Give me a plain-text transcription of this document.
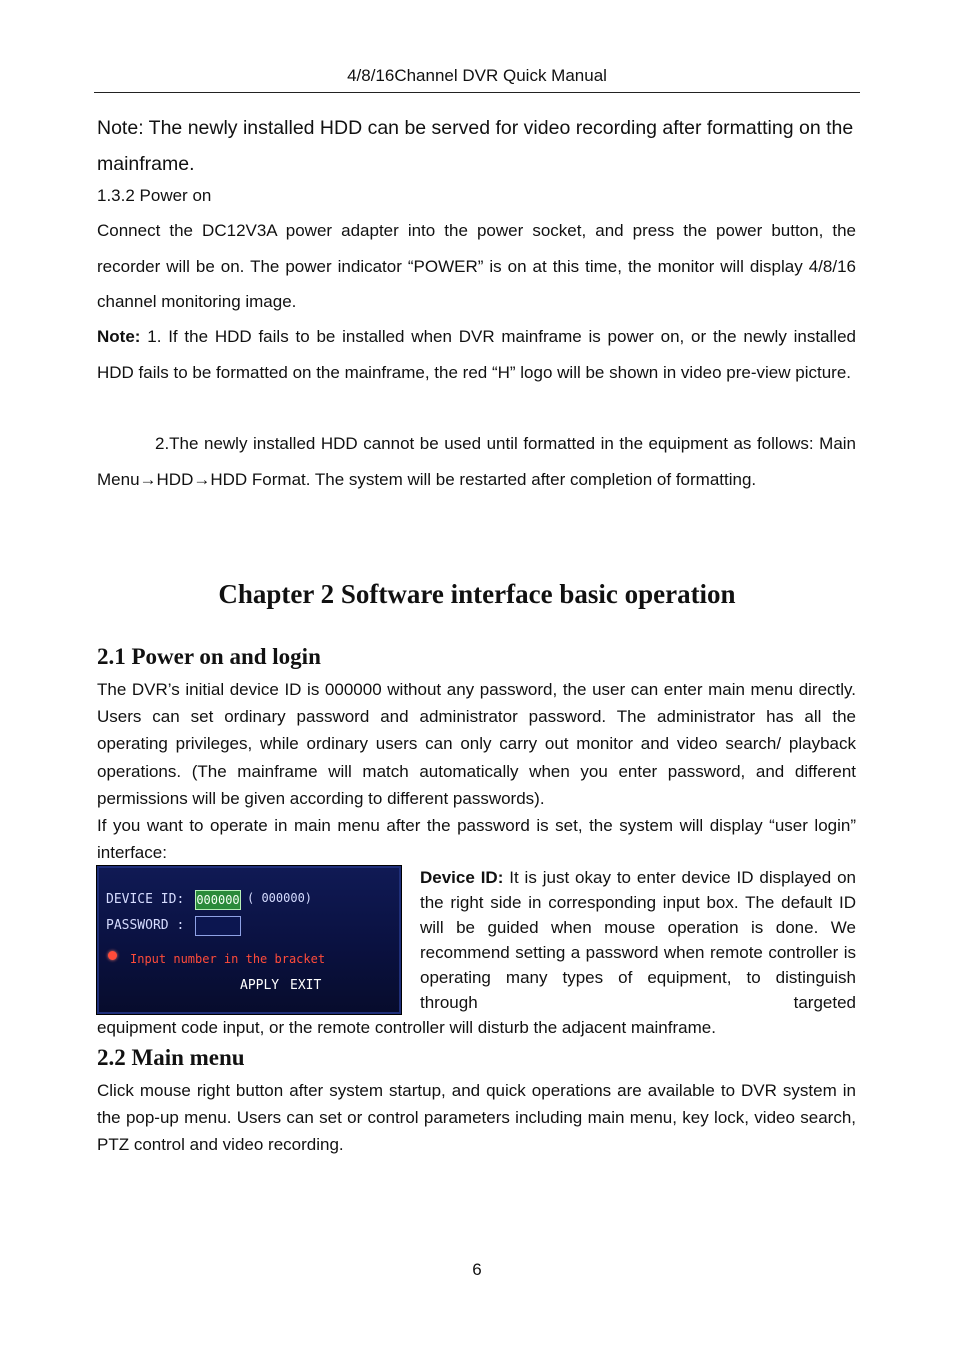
4/8/16Channel DVR Quick Manual

Note: The newly installed HDD can be served for video recording after formatting on the mainframe.

1.3.2 Power on

Connect the DC12V3A power adapter into the power socket, and press the power button, the recorder will be on. The power indicator “POWER” is on at this time, the monitor will display 4/8/16 channel monitoring image.

Note: 1. If the HDD fails to be installed when DVR mainframe is power on, or the newly installed HDD fails to be formatted on the mainframe, the red “H” logo will be shown in video pre-view picture.

2.The newly installed HDD cannot be used until formatted in the equipment as follows: Main Menu→HDD→HDD Format. The system will be restarted after completion of formatting.

Chapter 2 Software interface basic operation
2.1 Power on and login

The DVR’s initial device ID is 000000 without any password, the user can enter main menu directly. Users can set ordinary password and administrator password. The administrator has all the operating privileges, while ordinary users can only carry out monitor and video search/ playback operations. (The mainframe will match automatically when you enter password, and different permissions will be given according to different passwords).

If you want to operate in main menu after the password is set, the system will display “user login” interface:

DEVICE ID: 000000 ( 000000)
PASSWORD :
Input number in the bracket
APPLY EXIT

Device ID: It is just okay to enter device ID displayed on the right side in corresponding input box. The default ID will be guided when mouse operation is done. We recommend setting a password when remote controller is operating many types of equipment, to distinguish through targeted

equipment code input, or the remote controller will disturb the adjacent mainframe.

2.2 Main menu

Click mouse right button after system startup, and quick operations are available to DVR system in the pop-up menu. Users can set or control parameters including main menu, key lock, video search, PTZ control and video recording.

6
